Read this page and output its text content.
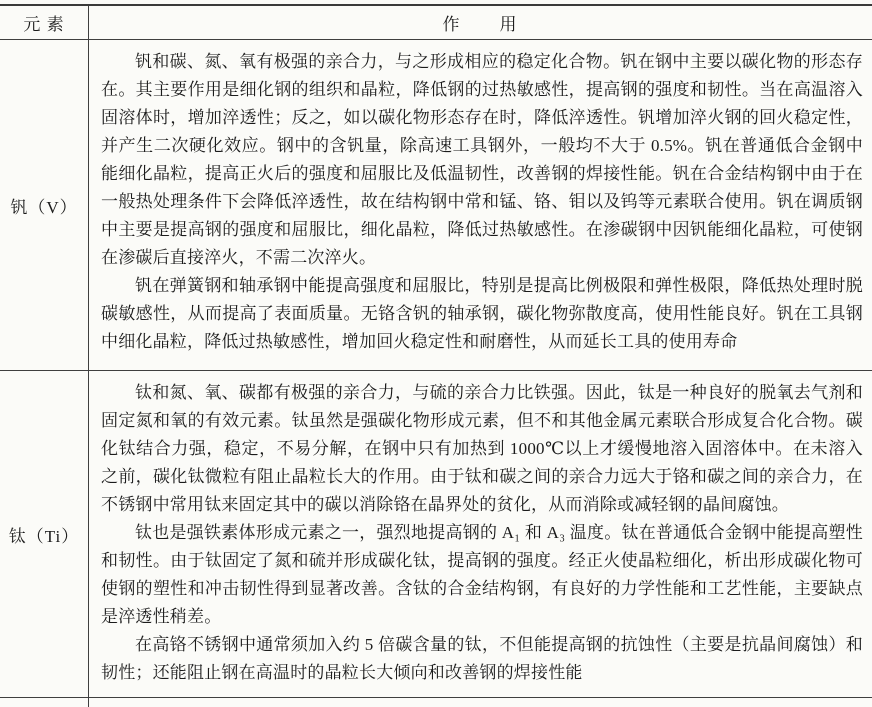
元 素	作　　用
钒（V）

钒和碳、氮、氧有极强的亲合力，与之形成相应的稳定化合物。钒在钢中主要以碳化物的形态存在。其主要作用是细化钢的组织和晶粒，降低钢的过热敏感性，提高钢的强度和韧性。当在高温溶入固溶体时，增加淬透性；反之，如以碳化物形态存在时，降低淬透性。钒增加淬火钢的回火稳定性，并产生二次硬化效应。钢中的含钒量，除高速工具钢外，一般均不大于 0.5%。钒在普通低合金钢中能细化晶粒，提高正火后的强度和屈服比及低温韧性，改善钢的焊接性能。钒在合金结构钢中由于在一般热处理条件下会降低淬透性，故在结构钢中常和锰、铬、钼以及钨等元素联合使用。钒在调质钢中主要是提高钢的强度和屈服比，细化晶粒，降低过热敏感性。在渗碳钢中因钒能细化晶粒，可使钢在渗碳后直接淬火，不需二次淬火。

钒在弹簧钢和轴承钢中能提高强度和屈服比，特别是提高比例极限和弹性极限，降低热处理时脱碳敏感性，从而提高了表面质量。无铬含钒的轴承钢，碳化物弥散度高，使用性能良好。钒在工具钢中细化晶粒，降低过热敏感性，增加回火稳定性和耐磨性，从而延长工具的使用寿命

钛（Ti）

钛和氮、氧、碳都有极强的亲合力，与硫的亲合力比铁强。因此，钛是一种良好的脱氧去气剂和固定氮和氧的有效元素。钛虽然是强碳化物形成元素，但不和其他金属元素联合形成复合化合物。碳化钛结合力强，稳定，不易分解，在钢中只有加热到 1000℃以上才缓慢地溶入固溶体中。在未溶入之前，碳化钛微粒有阻止晶粒长大的作用。由于钛和碳之间的亲合力远大于铬和碳之间的亲合力，在不锈钢中常用钛来固定其中的碳以消除铬在晶界处的贫化，从而消除或减轻钢的晶间腐蚀。

钛也是强铁素体形成元素之一，强烈地提高钢的 A₁ 和 A₃ 温度。钛在普通低合金钢中能提高塑性和韧性。由于钛固定了氮和硫并形成碳化钛，提高钢的强度。经正火使晶粒细化，析出形成碳化物可使钢的塑性和冲击韧性得到显著改善。含钛的合金结构钢，有良好的力学性能和工艺性能，主要缺点是淬透性稍差。

在高铬不锈钢中通常须加入约 5 倍碳含量的钛，不但能提高钢的抗蚀性（主要是抗晶间腐蚀）和韧性；还能阻止钢在高温时的晶粒长大倾向和改善钢的焊接性能
